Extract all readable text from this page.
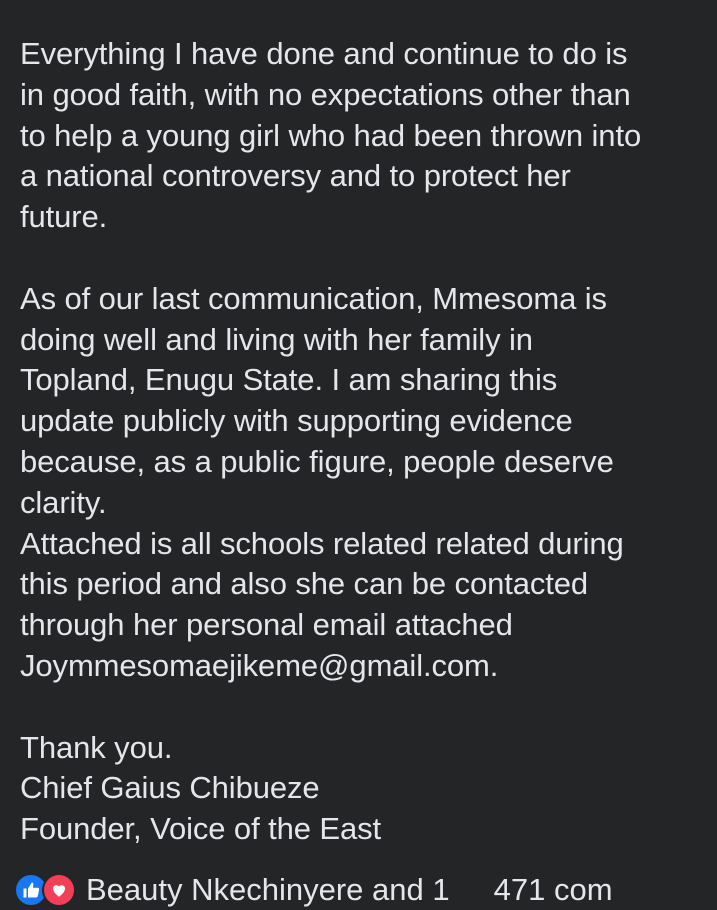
Everything I have done and continue to do is
in good faith, with no expectations other than
to help a young girl who had been thrown into
a national controversy and to protect her
future.

As of our last communication, Mmesoma is
doing well and living with her family in
Topland, Enugu State. I am sharing this
update publicly with supporting evidence
because, as a public figure, people deserve
clarity.
Attached is all schools related related during
this period and also she can be contacted
through her personal email attached
Joymmesomaejikeme@gmail.com.

Thank you.
Chief Gaius Chibueze
Founder, Voice of the East

Beauty Nkechinyere and 1 471 com
